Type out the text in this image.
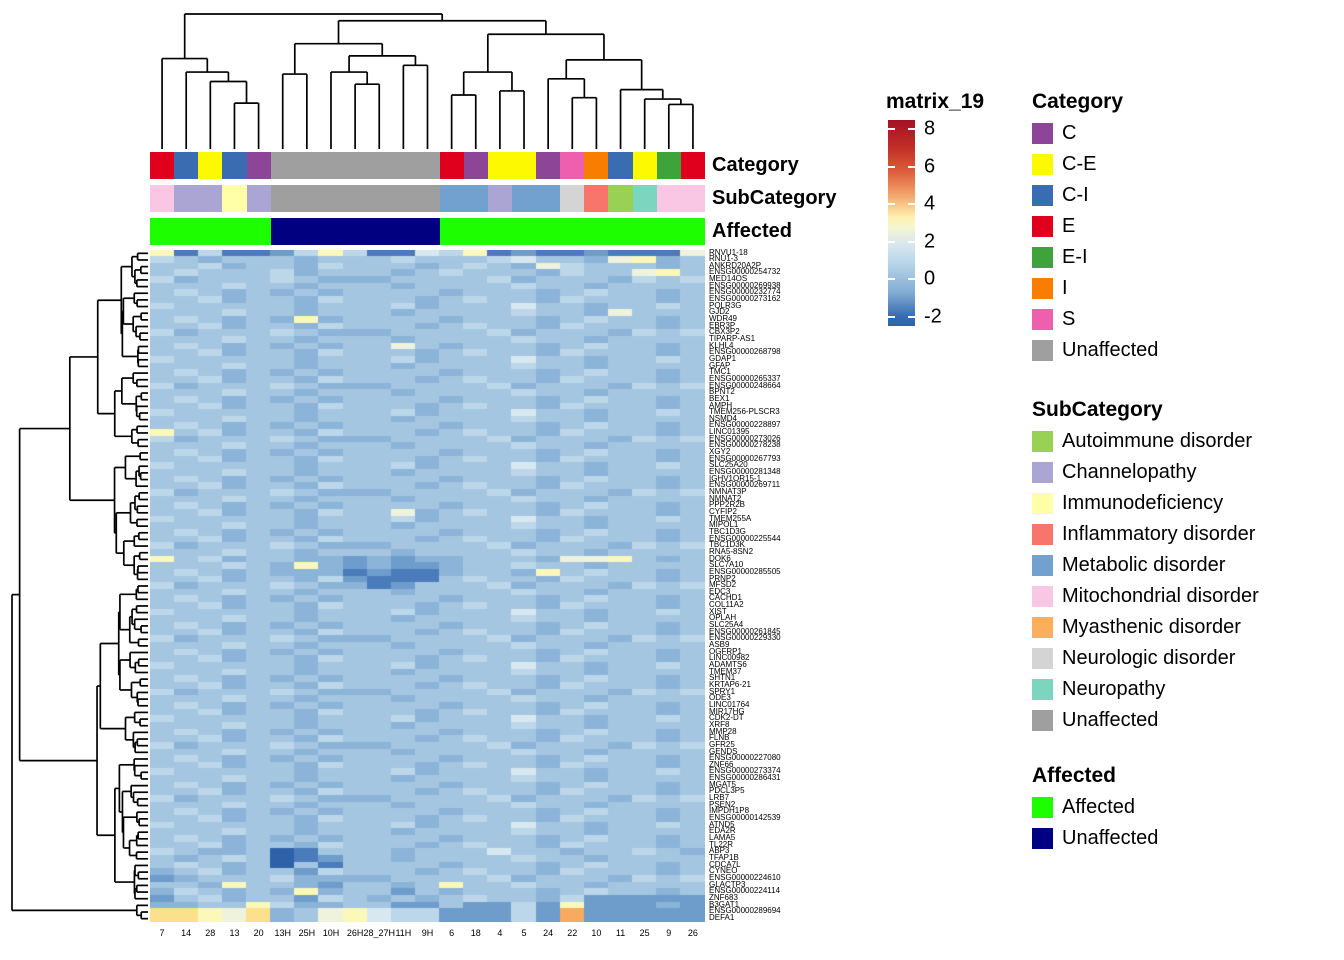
Category
SubCategory
Affected
RNVU1-18
RNU1-3
ANKRD20A2P
ENSG00000254732
MED14OS
ENSG00000269938
ENSG00000232774
ENSG00000273162
POLR3G
GJD2
WDR49
EBR3P
CBX3P2
TIPARP-AS1
KLHL4
ENSG00000268798
GDAP1
GFAP
TMC1
ENSG00000265337
ENSG00000248664
BPNT2
BEX1
AMPH
TMEM256-PLSCR3
NSMD4
ENSG00000228897
LINC01395
ENSG00000273026
ENSG00000278238
XGY2
ENSG00000267793
SLC25A20
ENSG00000281348
IGHV1OR15-1
ENSG00000269711
NMNAT3P
NMNAT2
PPP2R2B
CYFIP2
TMEM255A
MIPOL1
TBC1D3G
ENSG00000225544
TBC1D3K
RNA5-8SN2
DOK6
SLC7A10
ENSG00000285505
PRNP2
MFSD2
EDC3
CACHD1
COL11A2
XIST
OPLAH
SLC25A4
ENSG00000261845
ENSG00000229330
ASB9
OGFRP1
LINC00982
ADAMTS6
TMEM37
SHTN1
KRTAP6-21
SPRY1
ODE3
LINC01764
MIR17HG
CDK2-DT
XRF8
MMP28
FLNB
GFR25
GENDS
ENSG00000227080
ZNF66
ENSG00000273374
ENSG00000286431
MGAT5
PDCL3P5
LRB7
PSEN2
IMPDH1P8
ENSG00000142539
ATND5
EDA2R
LAMA5
TL22R
ABP3
TFAP1B
CDCA7L
CYNEO
ENSG00000224610
GLACTP3
ENSG00000224114
ZNF683
B3GAT1
ENSG00000289694
DEFA1
7 14 28 13 20 13H 25H 10H 26H 28_27H 11H 9H 6 18 4 5 24 22 10 11 25 9 26
matrix_19
8
6
4
2
0
-2
Category
C
C-E
C-I
E
E-I
I
S
Unaffected
SubCategory
Autoimmune disorder
Channelopathy
Immunodeficiency
Inflammatory disorder
Metabolic disorder
Mitochondrial disorder
Myasthenic disorder
Neurologic disorder
Neuropathy
Unaffected
Affected
Affected
Unaffected
